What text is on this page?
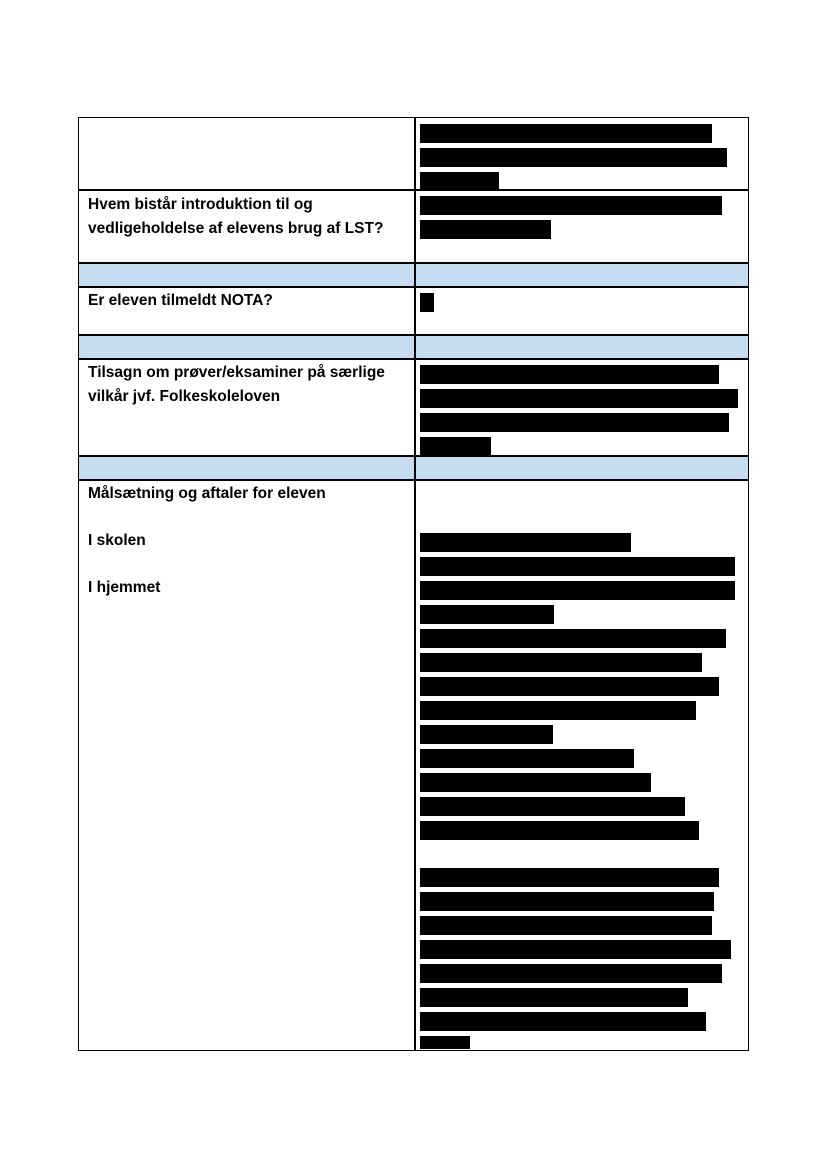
Hvem bistår introduktion til og vedligeholdelse af elevens brug af LST?

Er eleven tilmeldt NOTA?

Tilsagn om prøver/eksaminer på særlige vilkår jvf. Folkeskoleloven

Målsætning og aftaler for eleven

I skolen

I hjemmet
